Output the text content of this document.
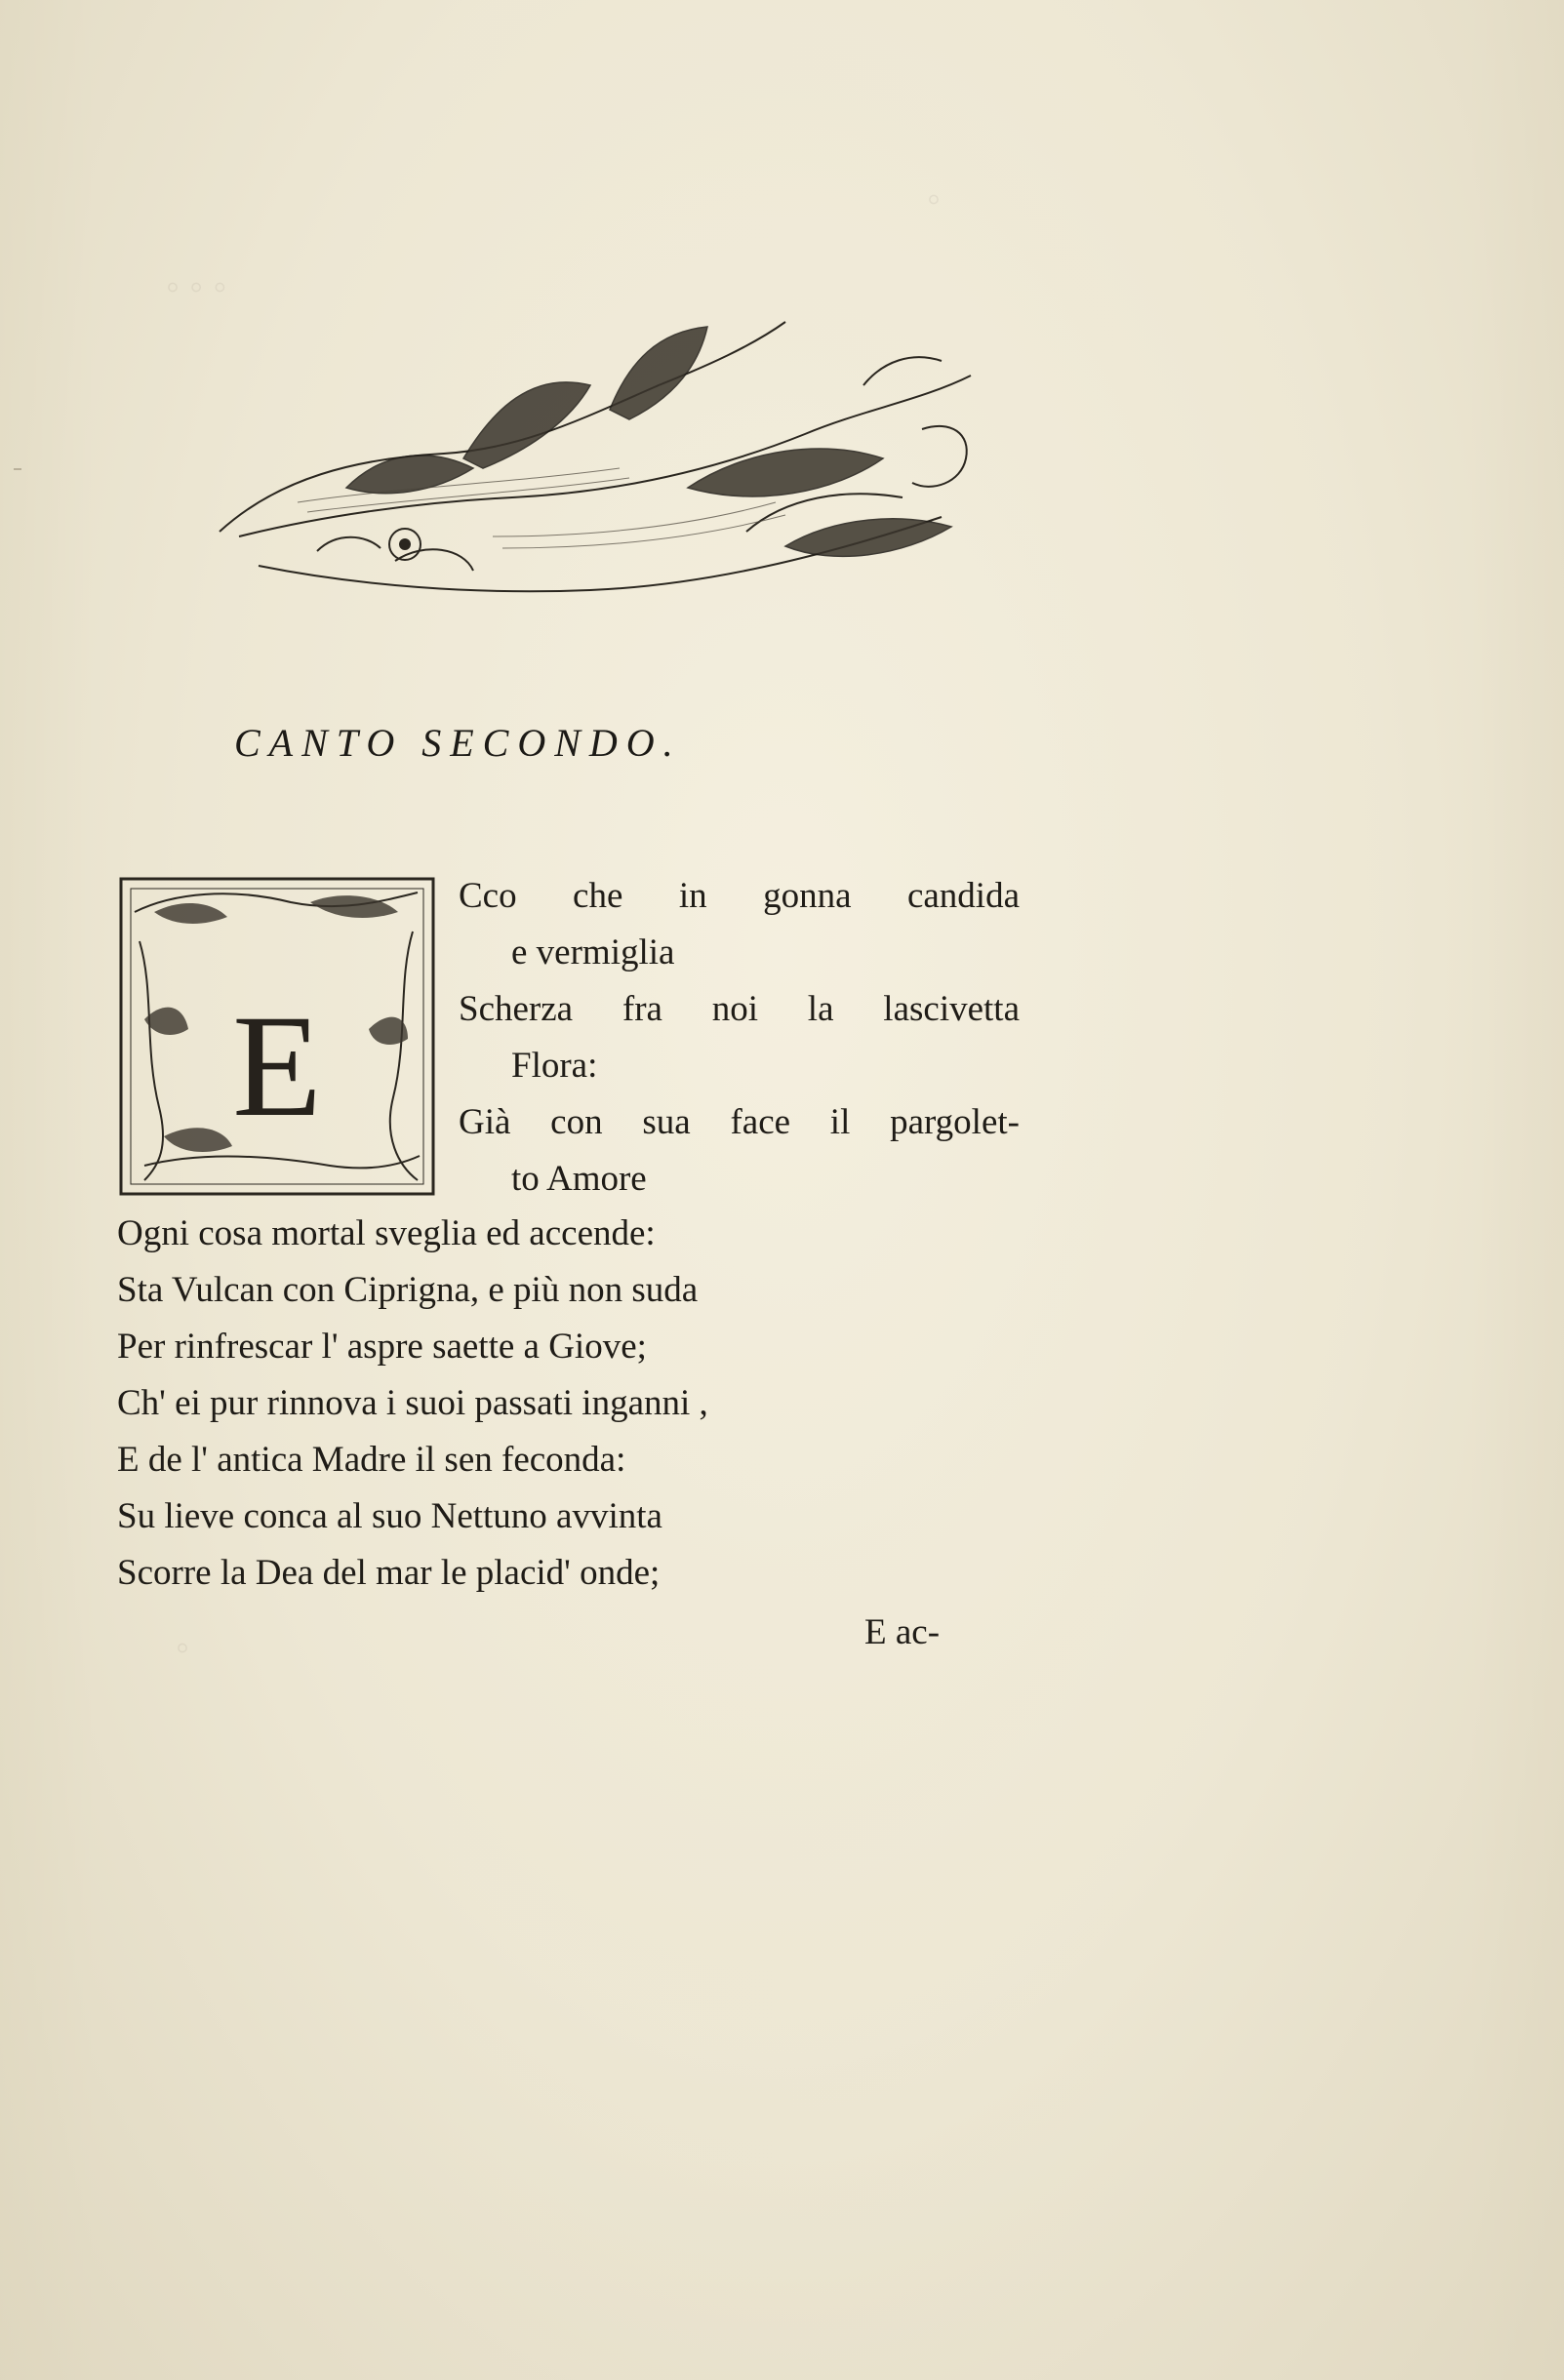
◦ ◦ ◦
◦
◦
CANTO SECONDO.
E
Cco che in gonna candida
e vermiglia
Scherza fra noi la lascivetta
Flora:
Già con sua face il pargolet-
to Amore
Ogni cosa mortal sveglia ed accende:
Sta Vulcan con Ciprigna, e più non suda
Per rinfrescar l' aspre saette a Giove;
Ch' ei pur rinnova i suoi passati inganni ,
E de l' antica Madre il sen feconda:
Su lieve conca al suo Nettuno avvinta
Scorre la Dea del mar le placid' onde;
E ac-
